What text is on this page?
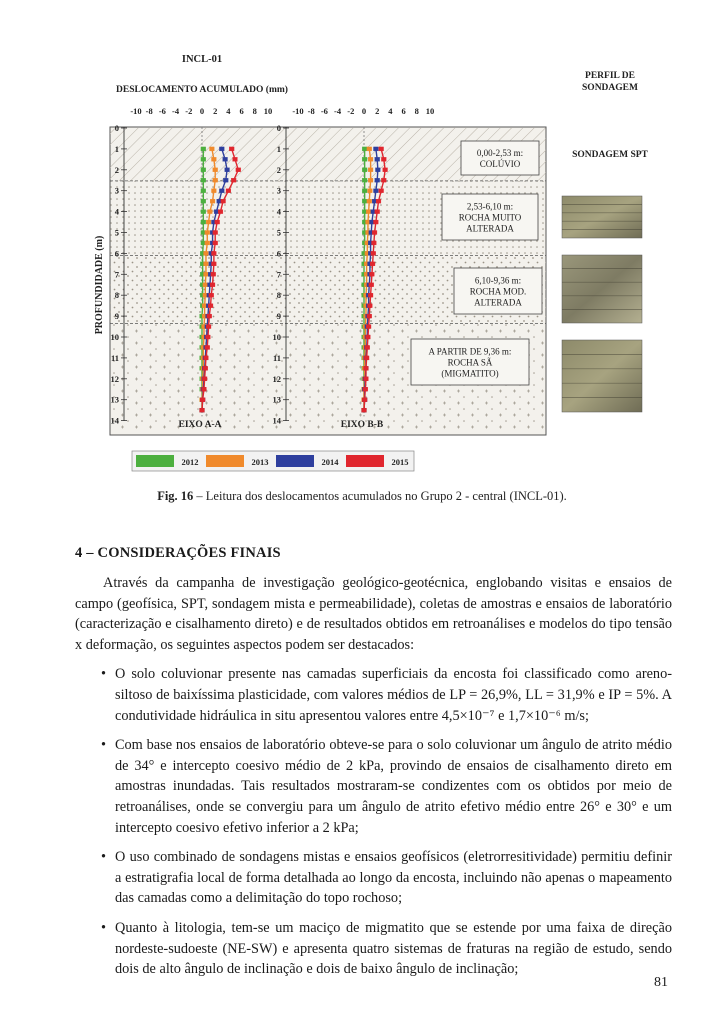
0,00-2,53 m: COLÚVIO
2,53-6,10 m: ROCHA MUITO ALTERADA
6,10-9,36 m: ROCHA MOD. ALTERADA
A PARTIR DE 9,36 m: ROCHA SÃ (MIGMATITO)
-10 -8 -6 -4 -2 0 2 4 6 8 10
0
1
2
3
4
5
6
7
8
9
10
11
12
13
14	EIXO A-A
-10 -8 -6 -4 -2 0 2 4 6 8 10
0
1
2
3
4
5
6
7
8
9
10
11
12
13
14	EIXO B-B
INCL-01
DESLOCAMENTO ACUMULADO (mm)
PROFUNDIDADE (m)
PERFIL DE
SONDAGEM
SONDAGEM SPT
2012	2013	2014	2015
Fig. 16 – Leitura dos deslocamentos acumulados no Grupo 2 - central (INCL-01).
4 – CONSIDERAÇÕES FINAIS

Através da campanha de investigação geológico-geotécnica, englobando visitas e ensaios de campo (geofísica, SPT, sondagem mista e permeabilidade), coletas de amostras e ensaios de laboratório (caracterização e cisalhamento direto) e de resultados obtidos em retroanálises e modelos do tipo tensão x deformação, os seguintes aspectos podem ser destacados:

• O solo coluvionar presente nas camadas superficiais da encosta foi classificado como areno-siltoso de baixíssima plasticidade, com valores médios de LP = 26,9%, LL = 31,9% e IP = 5%. A condutividade hidráulica in situ apresentou valores entre 4,5×10⁻⁷ e 1,7×10⁻⁶ m/s;
• Com base nos ensaios de laboratório obteve-se para o solo coluvionar um ângulo de atrito médio de 34° e intercepto coesivo médio de 2 kPa, provindo de ensaios de cisalhamento direto em amostras inundadas. Tais resultados mostraram-se condizentes com os obtidos por meio de retroanálises, onde se convergiu para um ângulo de atrito efetivo médio entre 26° e 30° e um intercepto coesivo efetivo inferior a 2 kPa;
• O uso combinado de sondagens mistas e ensaios geofísicos (eletrorresitividade) permitiu definir a estratigrafia local de forma detalhada ao longo da encosta, incluindo não apenas o mapeamento das camadas como a delimitação do topo rochoso;
• Quanto à litologia, tem-se um maciço de migmatito que se estende por uma faixa de direção nordeste-sudoeste (NE-SW) e apresenta quatro sistemas de fraturas na região de estudo, sendo dois de alto ângulo de inclinação e dois de baixo ângulo de inclinação;
81
